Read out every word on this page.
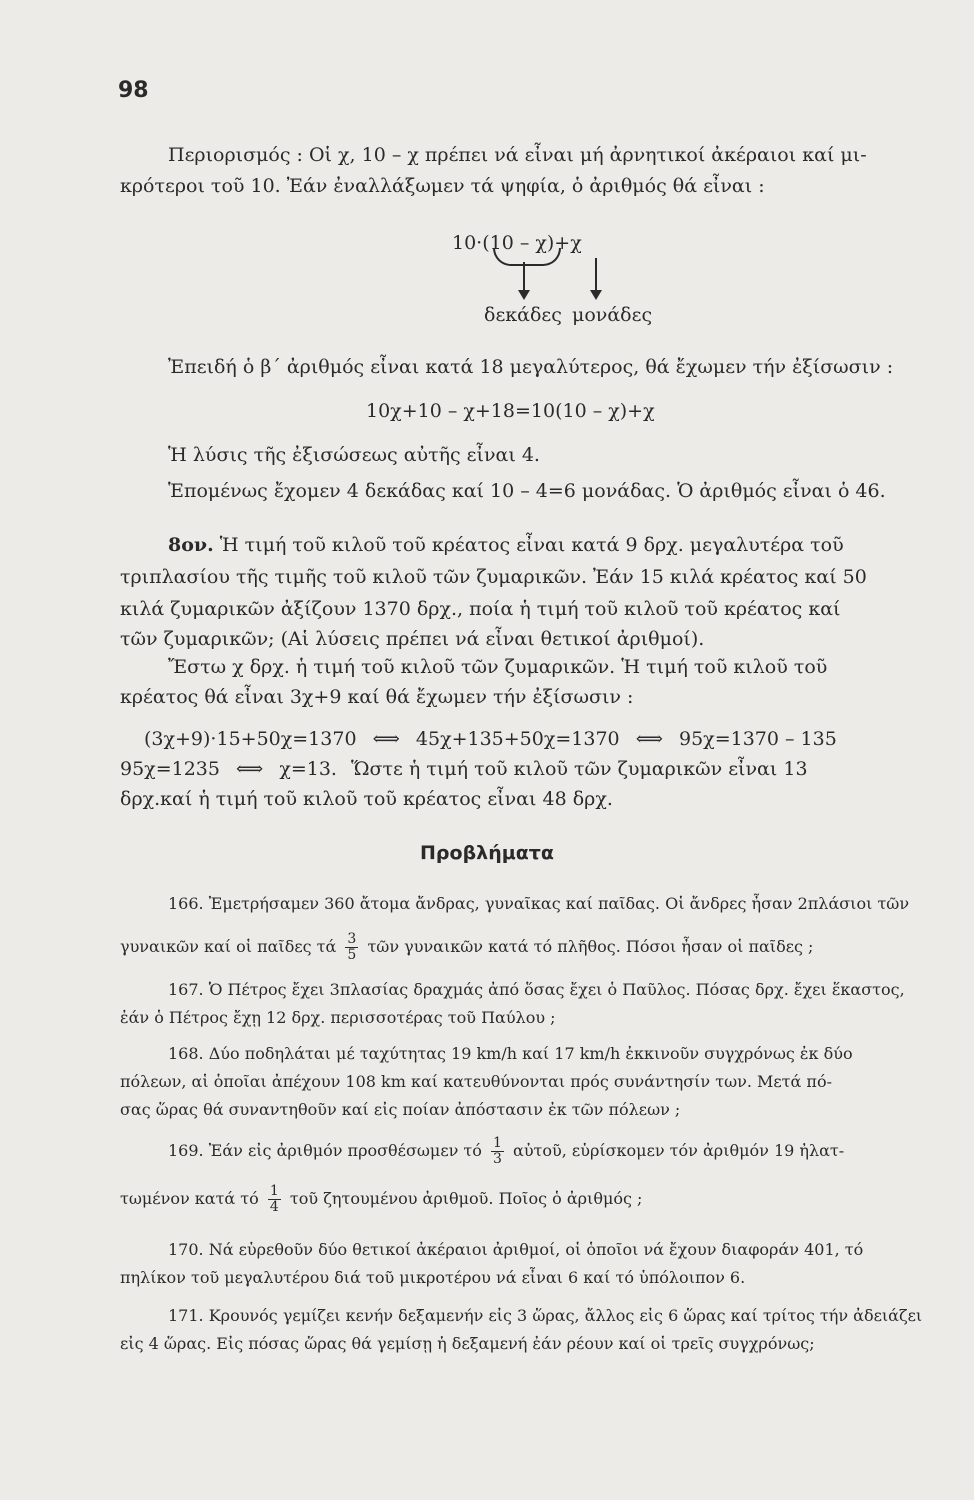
98
Περιορισμός : Οἱ χ, 10 – χ πρέπει νά εἶναι μή ἀρνητικοί ἀκέραιοι καί μι-
κρότεροι τοῦ 10. Ἐάν ἐναλλάξωμεν τά ψηφία, ὁ ἀριθμός θά εἶναι :
10·(10 – χ)+χ
δεκάδες μονάδες
Ἐπειδή ὁ β΄ ἀριθμός εἶναι κατά 18 μεγαλύτερος, θά ἔχωμεν τήν ἐξίσωσιν :
10χ+10 – χ+18=10(10 – χ)+χ
Ἡ λύσις τῆς ἐξισώσεως αὐτῆς εἶναι 4.
Ἑπομένως ἔχομεν 4 δεκάδας καί 10 – 4=6 μονάδας. Ὁ ἀριθμός εἶναι ὁ 46.
8ον. Ἡ τιμή τοῦ κιλοῦ τοῦ κρέατος εἶναι κατά 9 δρχ. μεγαλυτέρα τοῦ
τριπλασίου τῆς τιμῆς τοῦ κιλοῦ τῶν ζυμαρικῶν. Ἐάν 15 κιλά κρέατος καί 50
κιλά ζυμαρικῶν ἀξίζουν 1370 δρχ., ποία ἡ τιμή τοῦ κιλοῦ τοῦ κρέατος καί
τῶν ζυμαρικῶν; (Αἱ λύσεις πρέπει νά εἶναι θετικοί ἀριθμοί).
Ἔστω χ δρχ. ἡ τιμή τοῦ κιλοῦ τῶν ζυμαρικῶν. Ἡ τιμή τοῦ κιλοῦ τοῦ
κρέατος θά εἶναι 3χ+9 καί θά ἔχωμεν τήν ἐξίσωσιν :
(3χ+9)·15+50χ=1370 ⟺ 45χ+135+50χ=1370 ⟺ 95χ=1370 – 135
95χ=1235 ⟺ χ=13. Ὥστε ἡ τιμή τοῦ κιλοῦ τῶν ζυμαρικῶν εἶναι 13
δρχ.καί ἡ τιμή τοῦ κιλοῦ τοῦ κρέατος εἶναι 48 δρχ.
Προβλήματα
166. Ἐμετρήσαμεν 360 ἄτομα ἄνδρας, γυναῖκας καί παῖδας. Οἱ ἄνδρες ἦσαν 2πλάσιοι τῶν
γυναικῶν καί οἱ παῖδες τά $\frac{3}{5}$ τῶν γυναικῶν κατά τό πλῆθος. Πόσοι ἦσαν οἱ παῖδες ;
167. Ὁ Πέτρος ἔχει 3πλασίας δραχμάς ἀπό ὅσας ἔχει ὁ Παῦλος. Πόσας δρχ. ἔχει ἕκαστος,
ἐάν ὁ Πέτρος ἔχῃ 12 δρχ. περισσοτέρας τοῦ Παύλου ;
168. Δύο ποδηλάται μέ ταχύτητας 19 km/h καί 17 km/h ἐκκινοῦν συγχρόνως ἐκ δύο
πόλεων, αἱ ὁποῖαι ἀπέχουν 108 km καί κατευθύνονται πρός συνάντησίν των. Μετά πό-
σας ὥρας θά συναντηθοῦν καί εἰς ποίαν ἀπόστασιν ἐκ τῶν πόλεων ;
169. Ἐάν εἰς ἀριθμόν προσθέσωμεν τό $\frac{1}{3}$ αὐτοῦ, εὑρίσκομεν τόν ἀριθμόν 19 ἠλατ-
τωμένον κατά τό $\frac{1}{4}$ τοῦ ζητουμένου ἀριθμοῦ. Ποῖος ὁ ἀριθμός ;
170. Νά εὑρεθοῦν δύο θετικοί ἀκέραιοι ἀριθμοί, οἱ ὁποῖοι νά ἔχουν διαφοράν 401, τό
πηλίκον τοῦ μεγαλυτέρου διά τοῦ μικροτέρου νά εἶναι 6 καί τό ὑπόλοιπον 6.
171. Κρουνός γεμίζει κενήν δεξαμενήν εἰς 3 ὥρας, ἄλλος εἰς 6 ὥρας καί τρίτος τήν ἀδειάζει
εἰς 4 ὥρας. Εἰς πόσας ὥρας θά γεμίσῃ ἡ δεξαμενή ἐάν ρέουν καί οἱ τρεῖς συγχρόνως;
